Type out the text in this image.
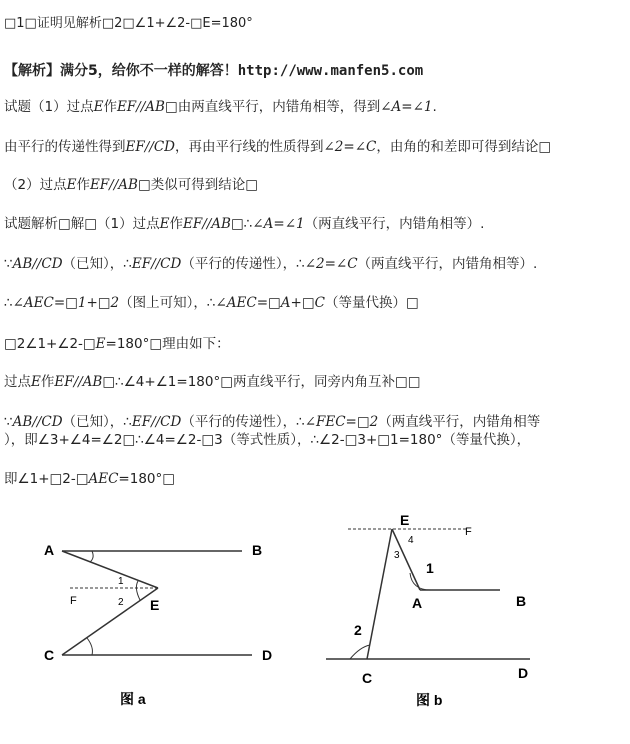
□1□证明见解析□2□∠1+∠2-□E=180°
【解析】满分5，给你不一样的解答！http://www.manfen5.com
试题（1）过点E作EF∕∕AB□由两直线平行，内错角相等，得到∠A=∠1.
由平行的传递性得到EF∕∕CD，再由平行线的性质得到∠2=∠C，由角的和差即可得到结论□
（2）过点E作EF∕∕AB□类似可得到结论□
试题解析□解□（1）过点E作EF∕∕AB□∴∠A=∠1（两直线平行，内错角相等）.
∵AB∕∕CD（已知），∴EF∕∕CD（平行的传递性），∴∠2=∠C（两直线平行，内错角相等）.
∴∠AEC=□1+□2（图上可知），∴∠AEC=□A+□C（等量代换）□
□2∠1+∠2-□E=180°□理由如下：
过点E作EF∕∕AB□∴∠4+∠1=180°□两直线平行，同旁内角互补□□
∵AB∕∕CD（已知），∴EF∕∕CD（平行的传递性），∴∠FEC=□2（两直线平行，内错角相等
），即∠3+∠4=∠2□∴∠4=∠2-□3（等式性质），∴∠2-□3+□1=180°（等量代换），
即∠1+□2-□AEC=180°□
A	B
C	D
E
F
1
2
图 a
E
F
4
3
1
A	B
2
C	D
图 b
